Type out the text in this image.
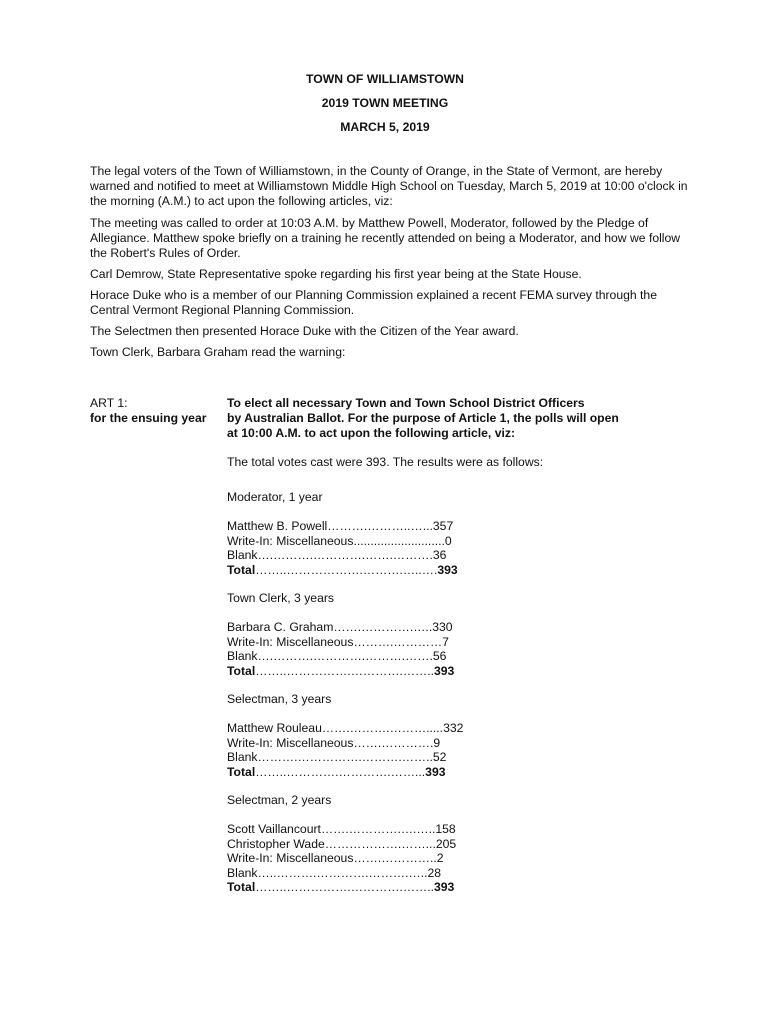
TOWN OF WILLIAMSTOWN
2019 TOWN MEETING
MARCH 5, 2019

The legal voters of the Town of Williamstown, in the County of Orange, in the State of Vermont, are hereby warned and notified to meet at Williamstown Middle High School on Tuesday, March 5, 2019 at 10:00 o'clock in the morning (A.M.) to act upon the following articles, viz:

The meeting was called to order at 10:03 A.M. by Matthew Powell, Moderator, followed by the Pledge of Allegiance. Matthew spoke briefly on a training he recently attended on being a Moderator, and how we follow the Robert's Rules of Order.

Carl Demrow, State Representative spoke regarding his first year being at the State House.

Horace Duke who is a member of our Planning Commission explained a recent FEMA survey through the Central Vermont Regional Planning Commission.

The Selectmen then presented Horace Duke with the Citizen of the Year award.

Town Clerk, Barbara Graham read the warning:

ART 1:	To elect all necessary Town and Town School District Officers
for the ensuing year by Australian Ballot. For the purpose of Article 1, the polls will open
at 10:00 A.M. to act upon the following article, viz:
The total votes cast were 393. The results were as follows:
Moderator, 1 year
Matthew B. Powell……….………..…...357
Write-In: Miscellaneous...........................0
Blank….……….………….…….……….36
Total……..……………….……….…..….393
Town Clerk, 3 years
Barbara C. Graham…….………….…..330
Write-In: Miscellaneous……….…………7
Blank….……….………….……….…….56
Total……..…………….………….……..393
Selectman, 3 years
Matthew Rouleau…….……….……….....332
Write-In: Miscellaneous…….………….9
Blank……….…………….……….……..52
Total……..………….………….……...393
Selectman, 2 years
Scott Vaillancourt…….………….….…..158
Christopher Wade……………….……...205
Write-In: Miscellaneous…….…………..2
Blank…..……….………….……….…..28
Total……..…………….………….……..393
